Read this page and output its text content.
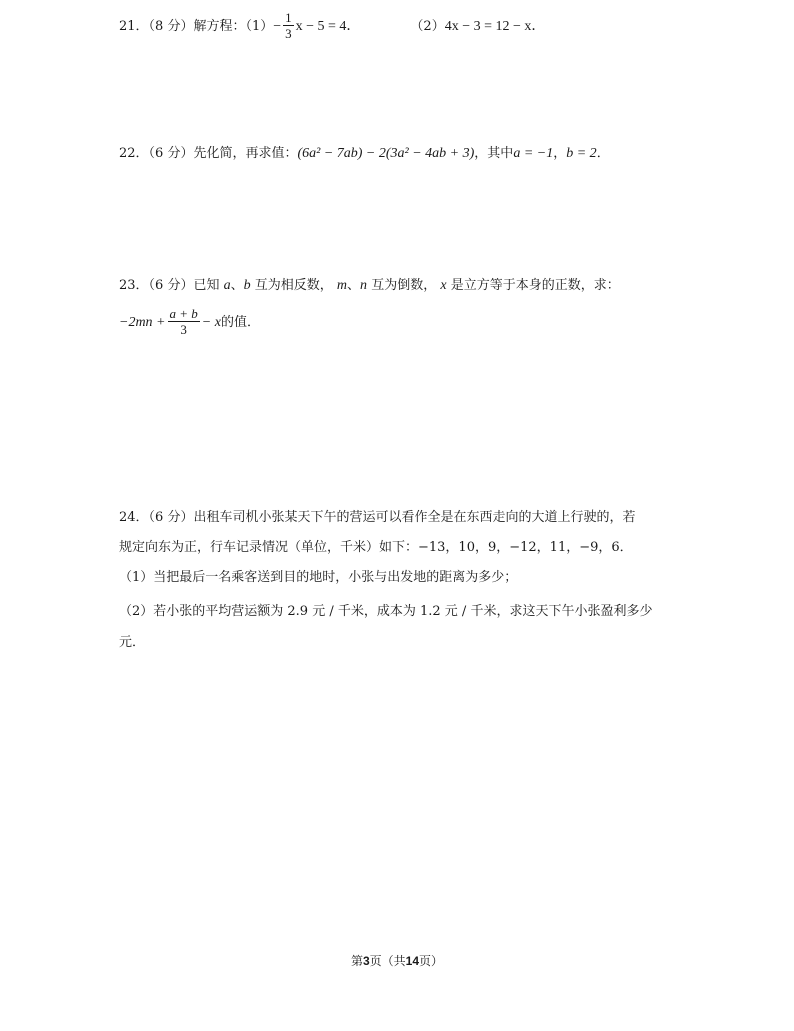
21．（8 分）解方程：$(1)- \frac{1}{3}$ x − 5 = 4．	（2）4x − 3 = 12 − x．
22．（6 分）先化简，再求值：(6a² − 7ab) − 2(3a² − 4ab + 3)，其中a = −1，b = 2．
23．（6 分）已知 a、b 互为相反数， m、n 互为倒数， x 是立方等于本身的正数，求：
$-2mn + \frac{a + b}{3} - x$的值．
24．（6 分）出租车司机小张某天下午的营运可以看作全是在东西走向的大道上行驶的，若
规定向东为正，行车记录情况（单位，千米）如下：−13，10，9，−12，11，−9，6．
（1）当把最后一名乘客送到目的地时，小张与出发地的距离为多少；
（2）若小张的平均营运额为 2.9 元 / 千米，成本为 1.2 元 / 千米，求这天下午小张盈利多少
元．
第3页（共14页）
